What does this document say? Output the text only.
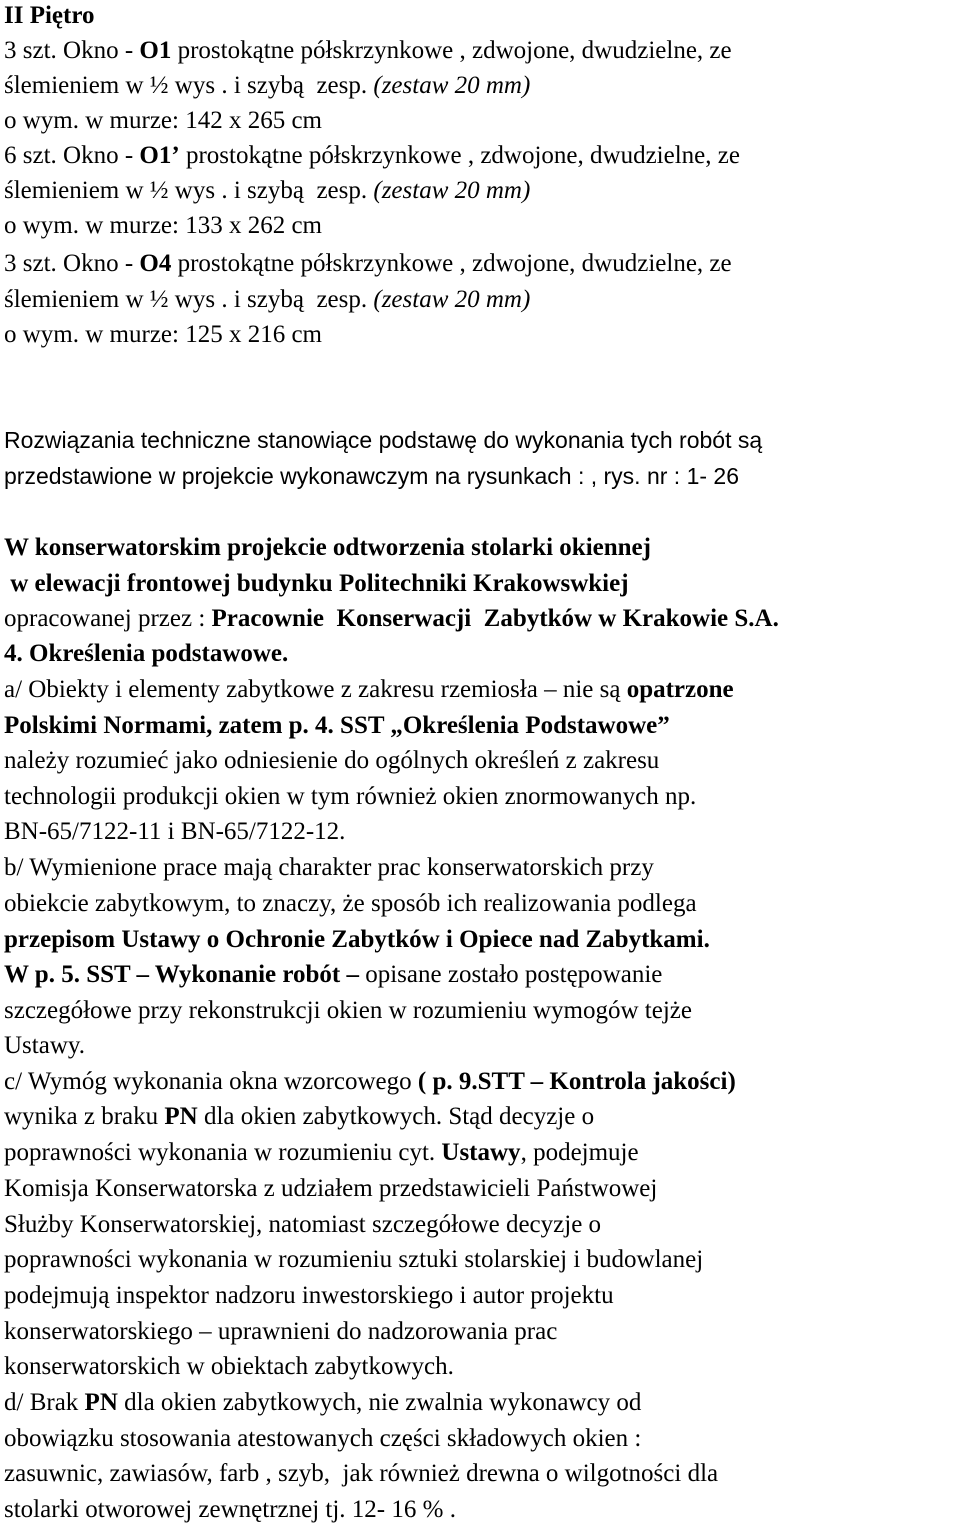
II Piętro
3 szt. Okno - O1 prostokątne półskrzynkowe , zdwojone, dwudzielne, ze
ślemieniem w ½ wys . i szybą  zesp. (zestaw 20 mm)
o wym. w murze: 142 x 265 cm
6 szt. Okno - O1’ prostokątne półskrzynkowe , zdwojone, dwudzielne, ze
ślemieniem w ½ wys . i szybą  zesp. (zestaw 20 mm)
o wym. w murze: 133 x 262 cm
3 szt. Okno - O4 prostokątne półskrzynkowe , zdwojone, dwudzielne, ze
ślemieniem w ½ wys . i szybą  zesp. (zestaw 20 mm)
o wym. w murze: 125 x 216 cm
Rozwiązania techniczne stanowiące podstawę do wykonania tych robót są
przedstawione w projekcie wykonawczym na rysunkach : , rys. nr : 1- 26
W konserwatorskim projekcie odtworzenia stolarki okiennej
w elewacji frontowej budynku Politechniki Krakowswkiej
opracowanej przez : Pracownie  Konserwacji  Zabytków w Krakowie S.A.
4. Określenia podstawowe.
a/ Obiekty i elementy zabytkowe z zakresu rzemiosła – nie są opatrzone
Polskimi Normami, zatem p. 4. SST „Określenia Podstawowe”
należy rozumieć jako odniesienie do ogólnych określeń z zakresu
technologii produkcji okien w tym również okien znormowanych np.
BN-65/7122-11 i BN-65/7122-12.
b/ Wymienione prace mają charakter prac konserwatorskich przy
obiekcie zabytkowym, to znaczy, że sposób ich realizowania podlega
przepisom Ustawy o Ochronie Zabytków i Opiece nad Zabytkami.
W p. 5. SST – Wykonanie robót – opisane zostało postępowanie
szczegółowe przy rekonstrukcji okien w rozumieniu wymogów tejże
Ustawy.
c/ Wymóg wykonania okna wzorcowego ( p. 9.STT – Kontrola jakości)
wynika z braku PN dla okien zabytkowych. Stąd decyzje o
poprawności wykonania w rozumieniu cyt. Ustawy, podejmuje
Komisja Konserwatorska z udziałem przedstawicieli Państwowej
Służby Konserwatorskiej, natomiast szczegółowe decyzje o
poprawności wykonania w rozumieniu sztuki stolarskiej i budowlanej
podejmują inspektor nadzoru inwestorskiego i autor projektu
konserwatorskiego – uprawnieni do nadzorowania prac
konserwatorskich w obiektach zabytkowych.
d/ Brak PN dla okien zabytkowych, nie zwalnia wykonawcy od
obowiązku stosowania atestowanych części składowych okien :
zasuwnic, zawiasów, farb , szyb,  jak również drewna o wilgotności dla
stolarki otworowej zewnętrznej tj. 12- 16 % .
